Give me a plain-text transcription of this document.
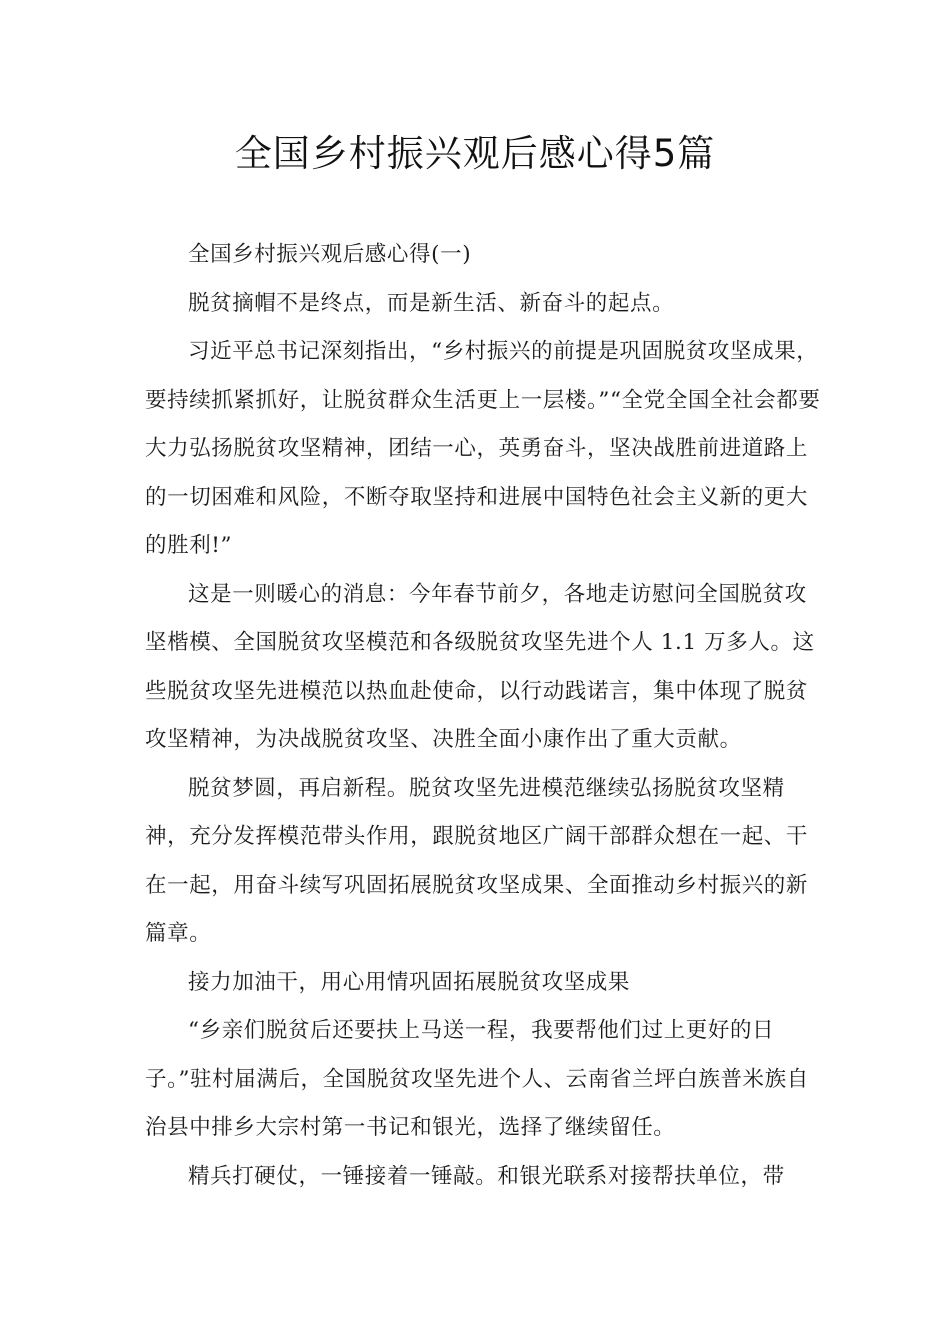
全国乡村振兴观后感心得5篇

全国乡村振兴观后感心得(一)

脱贫摘帽不是终点，而是新生活、新奋斗的起点。

习近平总书记深刻指出，“乡村振兴的前提是巩固脱贫攻坚成果，要持续抓紧抓好，让脱贫群众生活更上一层楼。”“全党全国全社会都要大力弘扬脱贫攻坚精神，团结一心，英勇奋斗，坚决战胜前进道路上的一切困难和风险，不断夺取坚持和进展中国特色社会主义新的更大的胜利!”

这是一则暖心的消息：今年春节前夕，各地走访慰问全国脱贫攻坚楷模、全国脱贫攻坚模范和各级脱贫攻坚先进个人 1.1 万多人。这些脱贫攻坚先进模范以热血赴使命，以行动践诺言，集中体现了脱贫攻坚精神，为决战脱贫攻坚、决胜全面小康作出了重大贡献。

脱贫梦圆，再启新程。脱贫攻坚先进模范继续弘扬脱贫攻坚精神，充分发挥模范带头作用，跟脱贫地区广阔干部群众想在一起、干在一起，用奋斗续写巩固拓展脱贫攻坚成果、全面推动乡村振兴的新篇章。

接力加油干，用心用情巩固拓展脱贫攻坚成果

“乡亲们脱贫后还要扶上马送一程，我要帮他们过上更好的日子。”驻村届满后，全国脱贫攻坚先进个人、云南省兰坪白族普米族自治县中排乡大宗村第一书记和银光，选择了继续留任。

精兵打硬仗，一锤接着一锤敲。和银光联系对接帮扶单位，带
